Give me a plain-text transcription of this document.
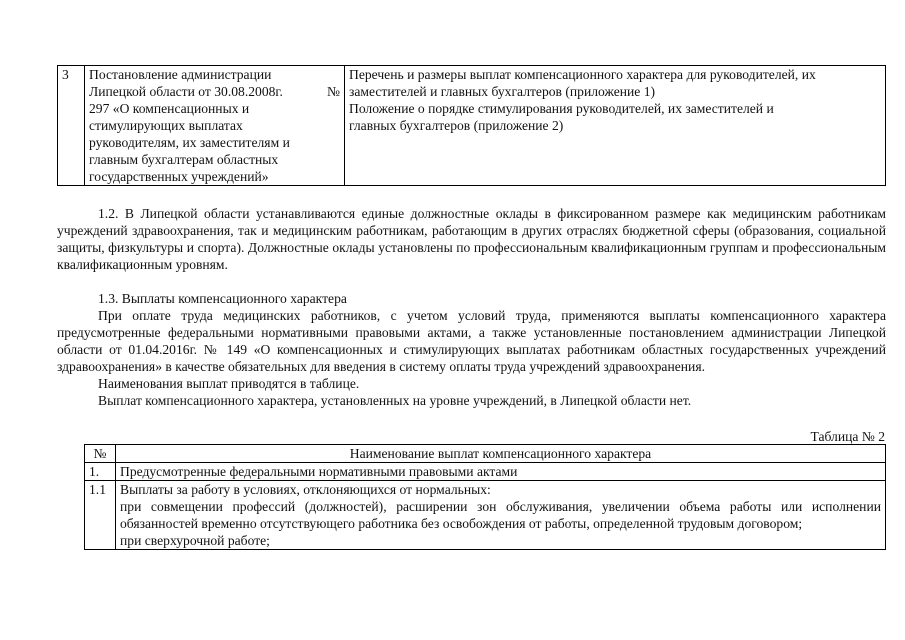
3	Постановление администрации
Липецкой области от 30.08.2008г.	№
297 «О компенсационных и
стимулирующих выплатах
руководителям, их заместителям и
главным бухгалтерам областных
государственных учреждений»
	Перечень и размеры выплат компенсационного характера для руководителей, их
заместителей и главных бухгалтеров (приложение 1)
Положение о порядке стимулирования руководителей, их заместителей и
главных бухгалтеров (приложение 2)

1.2. В Липецкой области устанавливаются единые должностные оклады в фиксированном размере как медицинским работникам учреждений здравоохранения, так и медицинским работникам, работающим в других отраслях бюджетной сферы (образования, социальной защиты, физкультуры и спорта). Должностные оклады установлены по профессиональным квалификационным группам и профессиональным квалификационным уровням.

1.3. Выплаты компенсационного характера

При оплате труда медицинских работников, с учетом условий труда, применяются выплаты компенсационного характера предусмотренные федеральными нормативными правовыми актами, а также установленные постановлением администрации Липецкой области от 01.04.2016г. № 149 «О компенсационных и стимулирующих выплатах работникам областных государственных учреждений здравоохранения» в качестве обязательных для введения в систему оплаты труда учреждений здравоохранения.

Наименования выплат приводятся в таблице.

Выплат компенсационного характера, установленных на уровне учреждений, в Липецкой области нет.

Таблица № 2
№	Наименование выплат компенсационного характера
1.	Предусмотренные федеральными нормативными правовыми актами
1.1	Выплаты за работу в условиях, отклоняющихся от нормальных:
при совмещении профессий (должностей), расширении зон обслуживания, увеличении объема работы или исполнении обязанностей временно отсутствующего работника без освобождения от работы, определенной трудовым договором;
при сверхурочной работе;
